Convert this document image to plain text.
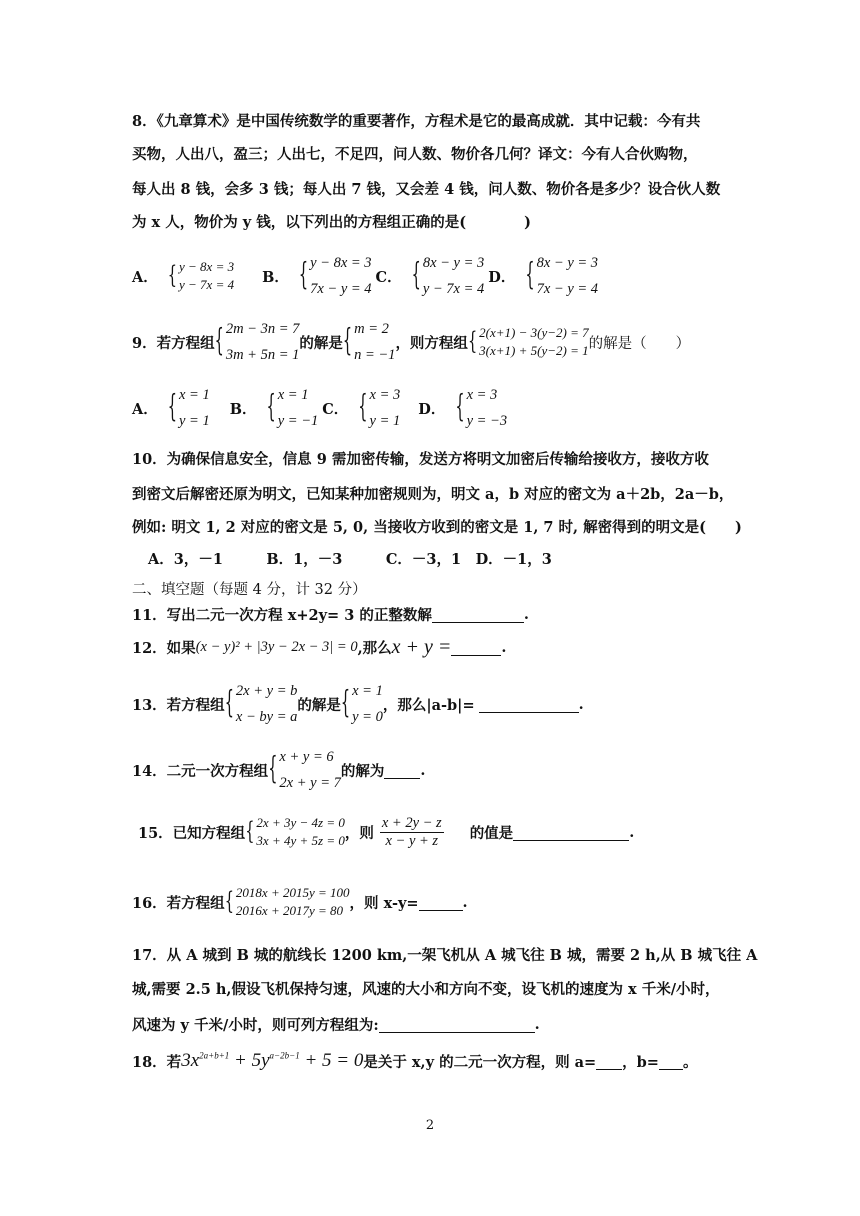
8．《九章算术》是中国传统数学的重要著作，方程术是它的最高成就．其中记载：今有共
买物，人出八，盈三；人出七，不足四，问人数、物价各几何？译文：今有人合伙购物，
每人出 8 钱，会多 3 钱；每人出 7 钱，又会差 4 钱，问人数、物价各是多少？设合伙人数
为 x 人，物价为 y 钱，以下列出的方程组正确的是(　　　　)
A． { y − 8x = 3
y − 7x = 4 B． { y − 8x = 3
7x − y = 4
C． { 8x − y = 3
y − 7x = 4
D． { 8x − y = 3
7x − y = 4
9．若方程组 { 2m − 3n = 7
3m + 5n = 1
的解是 { m = 2
n = −1
，则方程组 { 2(x+1) − 3(y−2) = 7
3(x+1) + 5(y−2) = 1 的解是（　　）
A． { x = 1
y = 1
B． { x = 1
y = −1
C． { x = 3
y = 1
D． { x = 3
y = −3
10．为确保信息安全，信息 9 需加密传输，发送方将明文加密后传输给接收方，接收方收
到密文后解密还原为明文，已知某种加密规则为，明文 a，b 对应的密文为 a＋2b，2a－b，
例如: 明文 1, 2 对应的密文是 5, 0, 当接收方收到的密文是 1, 7 时, 解密得到的明文是(　　)
A．3，－1　　　B．1，－3　　　C．－3，1　D．－1，3
二、填空题（每题 4 分，计 32 分）
11．写出二元一次方程 x+2y= 3 的正整数解	.
12．如果 (x − y)² + |3y − 2x − 3| = 0 ,那么 x + y =	.
13．若方程组 { 2x + y = b
x − by = a
的解是 { x = 1
y = 0
，那么|a-b|=	.
14．二元一次方程组 { x + y = 6
2x + y = 7
的解为 .
15．已知方程组 { 2x + 3y − 4z = 0
3x + 4y + 5z = 0 ，则 $\frac{x + 2y - z}{x - y + z}$ 的值是	.
16．若方程组 { 2018x + 2015y = 100
2016x + 2017y = 80 ，则 x-y=	.
17．从 A 城到 B 城的航线长 1200 km,一架飞机从 A 城飞往 B 城，需要 2 h,从 B 城飞往 A
城,需要 2.5 h,假设飞机保持匀速，风速的大小和方向不变，设飞机的速度为 x 千米/小时，
风速为 y 千米/小时，则可列方程组为:	.
18．若 $3x^{2a+b+1} + 5y^{a-2b-1} + 5 = 0$ 是关于 x,y 的二元一次方程，则 a= ，b= 。
2
